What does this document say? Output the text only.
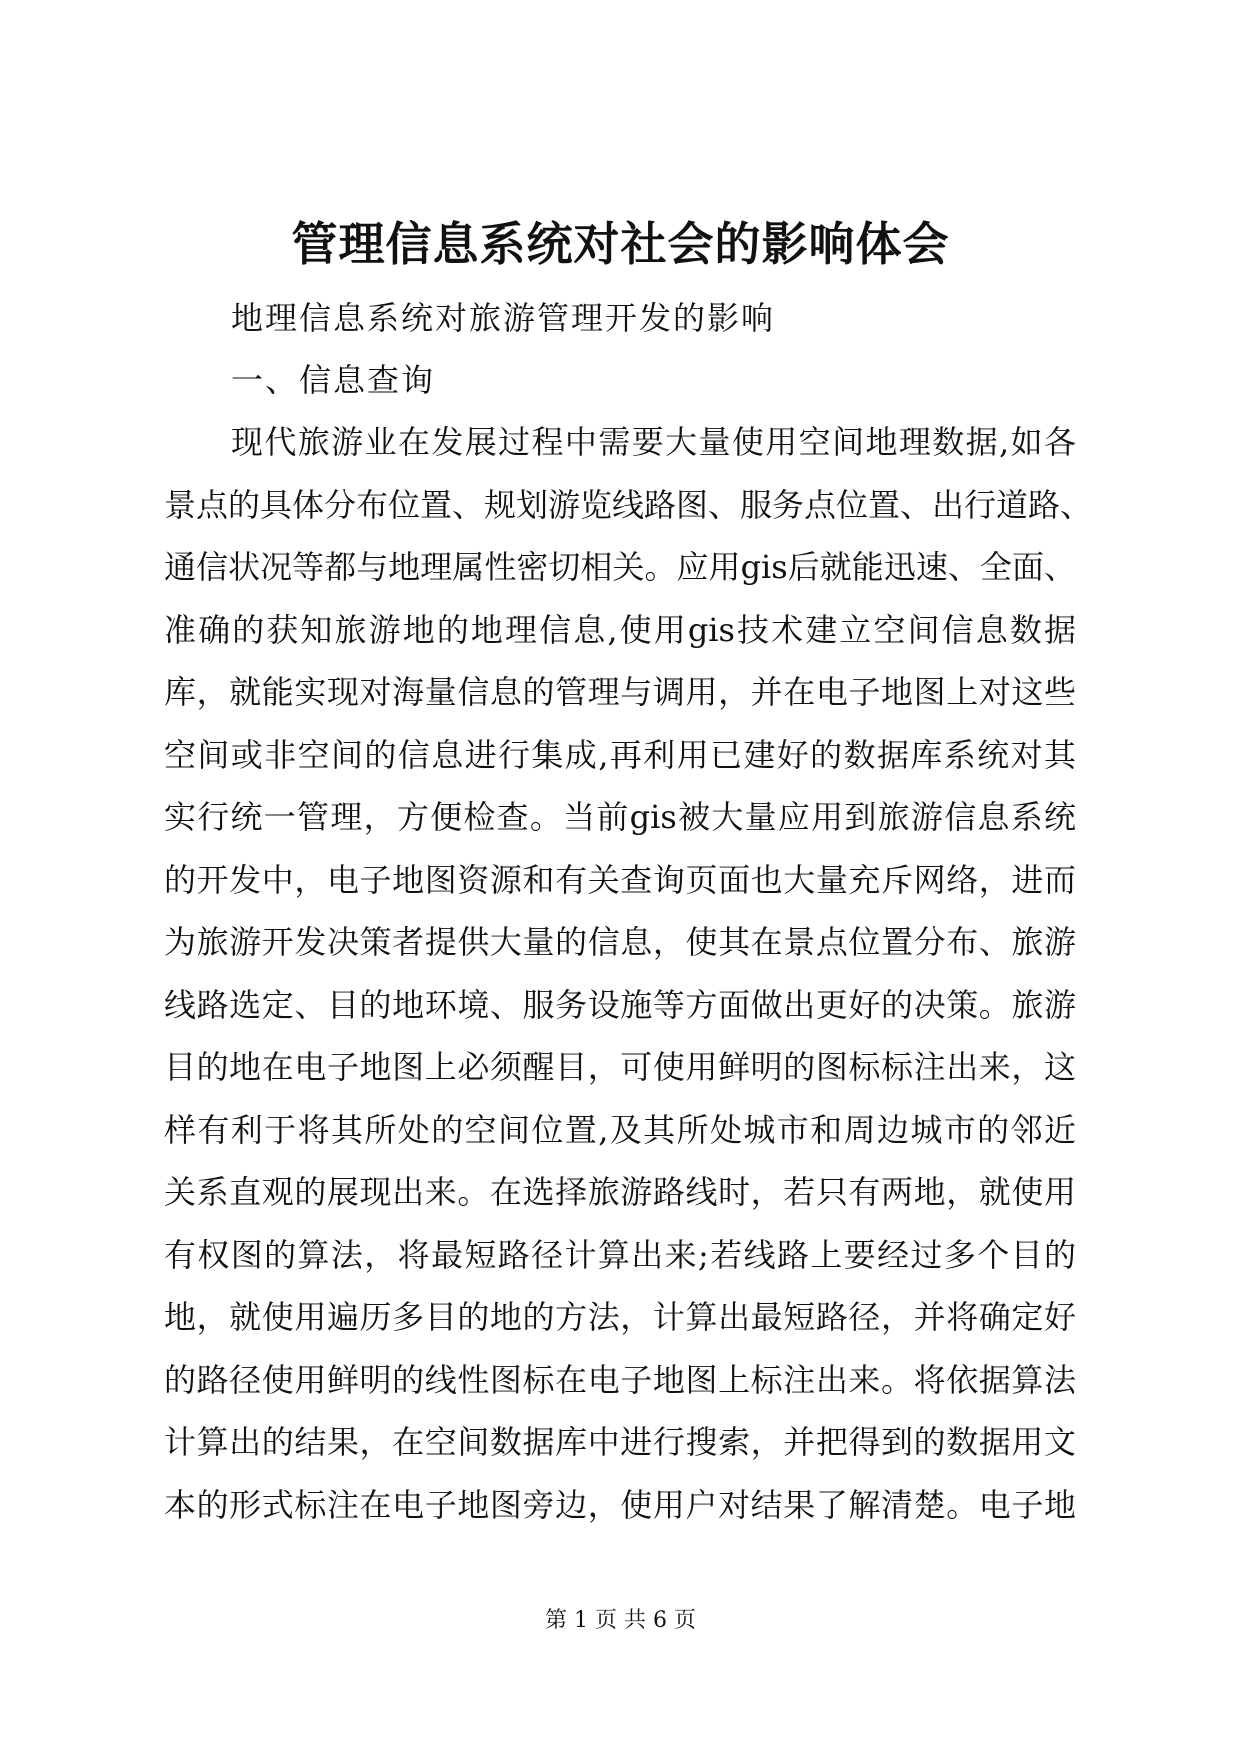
管理信息系统对社会的影响体会
地理信息系统对旅游管理开发的影响
一、信息查询
现代旅游业在发展过程中需要大量使用空间地理数据,如各
景点的具体分布位置、规划游览线路图、服务点位置、出行道路、
通信状况等都与地理属性密切相关。应用gis后就能迅速、全面、
准确的获知旅游地的地理信息,使用gis技术建立空间信息数据
库，就能实现对海量信息的管理与调用，并在电子地图上对这些
空间或非空间的信息进行集成,再利用已建好的数据库系统对其
实行统一管理，方便检查。当前gis被大量应用到旅游信息系统
的开发中，电子地图资源和有关查询页面也大量充斥网络，进而
为旅游开发决策者提供大量的信息，使其在景点位置分布、旅游
线路选定、目的地环境、服务设施等方面做出更好的决策。旅游
目的地在电子地图上必须醒目，可使用鲜明的图标标注出来，这
样有利于将其所处的空间位置,及其所处城市和周边城市的邻近
关系直观的展现出来。在选择旅游路线时，若只有两地，就使用
有权图的算法，将最短路径计算出来;若线路上要经过多个目的
地，就使用遍历多目的地的方法，计算出最短路径，并将确定好
的路径使用鲜明的线性图标在电子地图上标注出来。将依据算法
计算出的结果，在空间数据库中进行搜索，并把得到的数据用文
本的形式标注在电子地图旁边，使用户对结果了解清楚。电子地
第 1 页 共 6 页
